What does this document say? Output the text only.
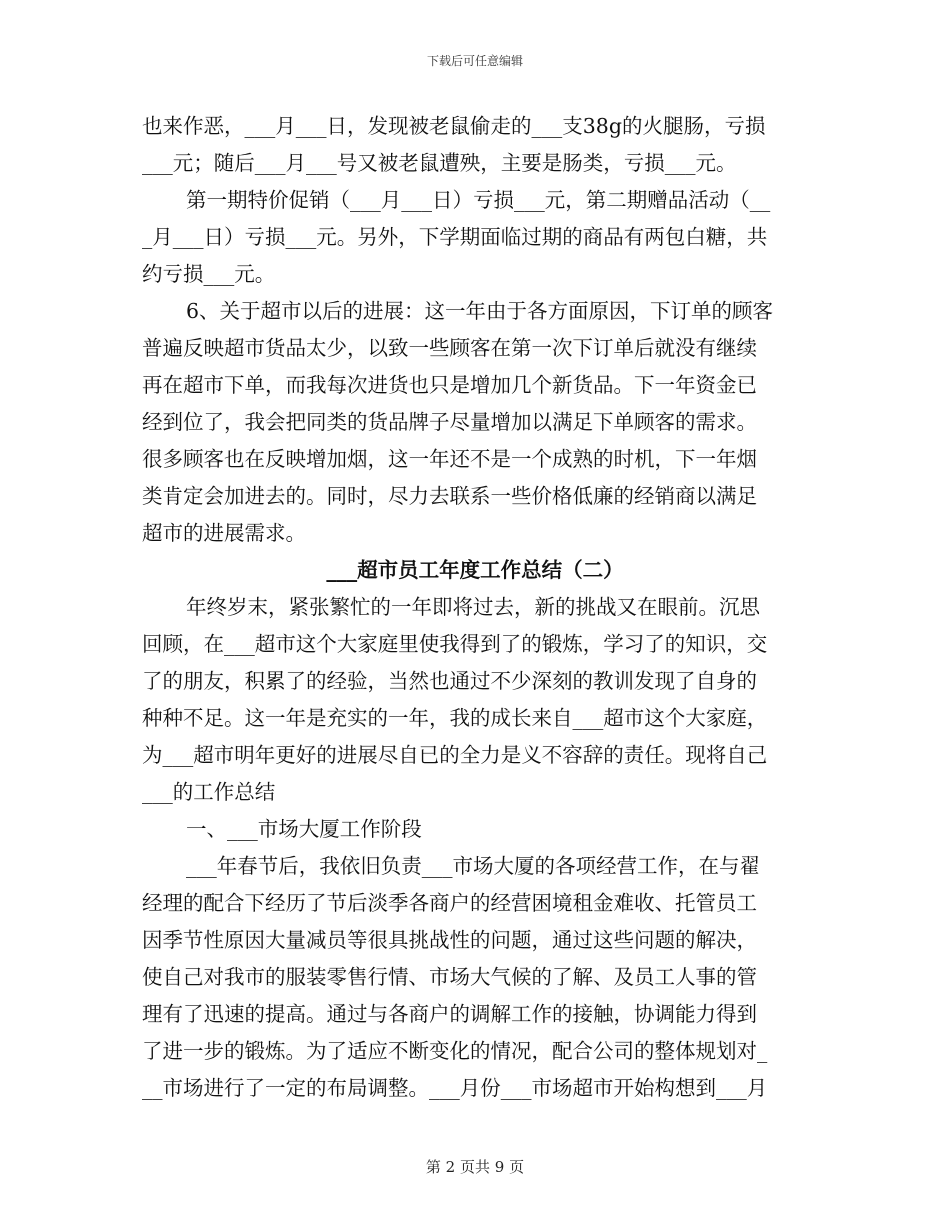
下载后可任意编辑
也来作恶，___月___日，发现被老鼠偷走的___支38g的火腿肠，亏损
___元；随后___月___号又被老鼠遭殃，主要是肠类，亏损___元。
第一期特价促销（___月___日）亏损___元，第二期赠品活动（__
_月___日）亏损___元。另外，下学期面临过期的商品有两包白糖，共
约亏损___元。
6、关于超市以后的进展：这一年由于各方面原因，下订单的顾客
普遍反映超市货品太少，以致一些顾客在第一次下订单后就没有继续
再在超市下单，而我每次进货也只是增加几个新货品。下一年资金已
经到位了，我会把同类的货品牌子尽量增加以满足下单顾客的需求。
很多顾客也在反映增加烟，这一年还不是一个成熟的时机，下一年烟
类肯定会加进去的。同时，尽力去联系一些价格低廉的经销商以满足
超市的进展需求。
___超市员工年度工作总结（二）
年终岁末，紧张繁忙的一年即将过去，新的挑战又在眼前。沉思
回顾，在___超市这个大家庭里使我得到了的锻炼，学习了的知识，交
了的朋友，积累了的经验，当然也通过不少深刻的教训发现了自身的
种种不足。这一年是充实的一年，我的成长来自___超市这个大家庭，
为___超市明年更好的进展尽自已的全力是义不容辞的责任。现将自己
___的工作总结
一、___市场大厦工作阶段
___年春节后，我依旧负责___市场大厦的各项经营工作，在与翟
经理的配合下经历了节后淡季各商户的经营困境租金难收、托管员工
因季节性原因大量减员等很具挑战性的问题，通过这些问题的解决，
使自己对我市的服装零售行情、市场大气候的了解、及员工人事的管
理有了迅速的提高。通过与各商户的调解工作的接触，协调能力得到
了进一步的锻炼。为了适应不断变化的情况，配合公司的整体规划对_
__市场进行了一定的布局调整。___月份___市场超市开始构想到___月
第 2 页共 9 页
